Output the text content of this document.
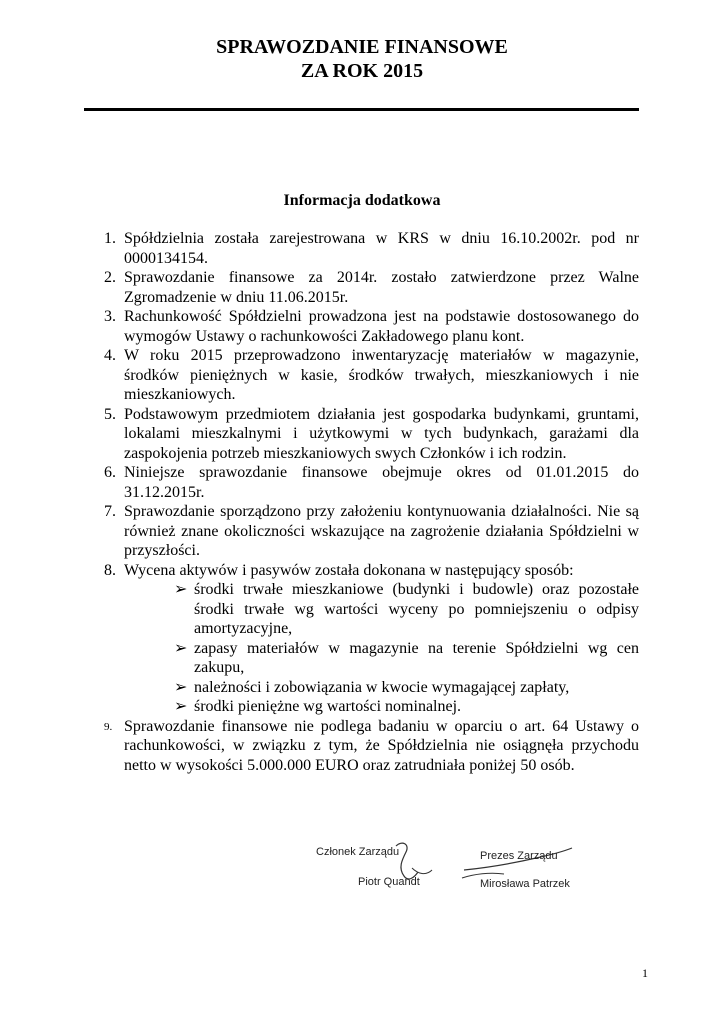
SPRAWOZDANIE FINANSOWE
ZA ROK 2015
Informacja dodatkowa
1. Spółdzielnia została zarejestrowana w KRS w dniu 16.10.2002r. pod nr 0000134154.
2. Sprawozdanie finansowe za 2014r. zostało zatwierdzone przez Walne Zgromadzenie w dniu 11.06.2015r.
3. Rachunkowość Spółdzielni prowadzona jest na podstawie dostosowanego do wymogów Ustawy o rachunkowości Zakładowego planu kont.
4. W roku 2015 przeprowadzono inwentaryzację materiałów w magazynie, środków pieniężnych w kasie, środków trwałych, mieszkaniowych i nie mieszkaniowych.
5. Podstawowym przedmiotem działania jest gospodarka budynkami, gruntami, lokalami mieszkalnymi i użytkowymi w tych budynkach, garażami dla zaspokojenia potrzeb mieszkaniowych swych Członków i ich rodzin.
6. Niniejsze sprawozdanie finansowe obejmuje okres od 01.01.2015 do 31.12.2015r.
7. Sprawozdanie sporządzono przy założeniu kontynuowania działalności. Nie są również znane okoliczności wskazujące na zagrożenie działania Spółdzielni w przyszłości.
8. Wycena aktywów i pasywów została dokonana w następujący sposób:
➢ środki trwałe mieszkaniowe (budynki i budowle) oraz pozostałe środki trwałe wg wartości wyceny po pomniejszeniu o odpisy amortyzacyjne,
➢ zapasy materiałów w magazynie na terenie Spółdzielni wg cen zakupu,
➢ należności i zobowiązania w kwocie wymagającej zapłaty,
➢ środki pieniężne wg wartości nominalnej.
9. Sprawozdanie finansowe nie podlega badaniu w oparciu o art. 64 Ustawy o rachunkowości, w związku z tym, że Spółdzielnia nie osiągnęła przychodu netto w wysokości 5.000.000 EURO oraz zatrudniała poniżej 50 osób.
Członek Zarządu
Piotr Quandt
Prezes Zarządu
Mirosława Patrzek
1
